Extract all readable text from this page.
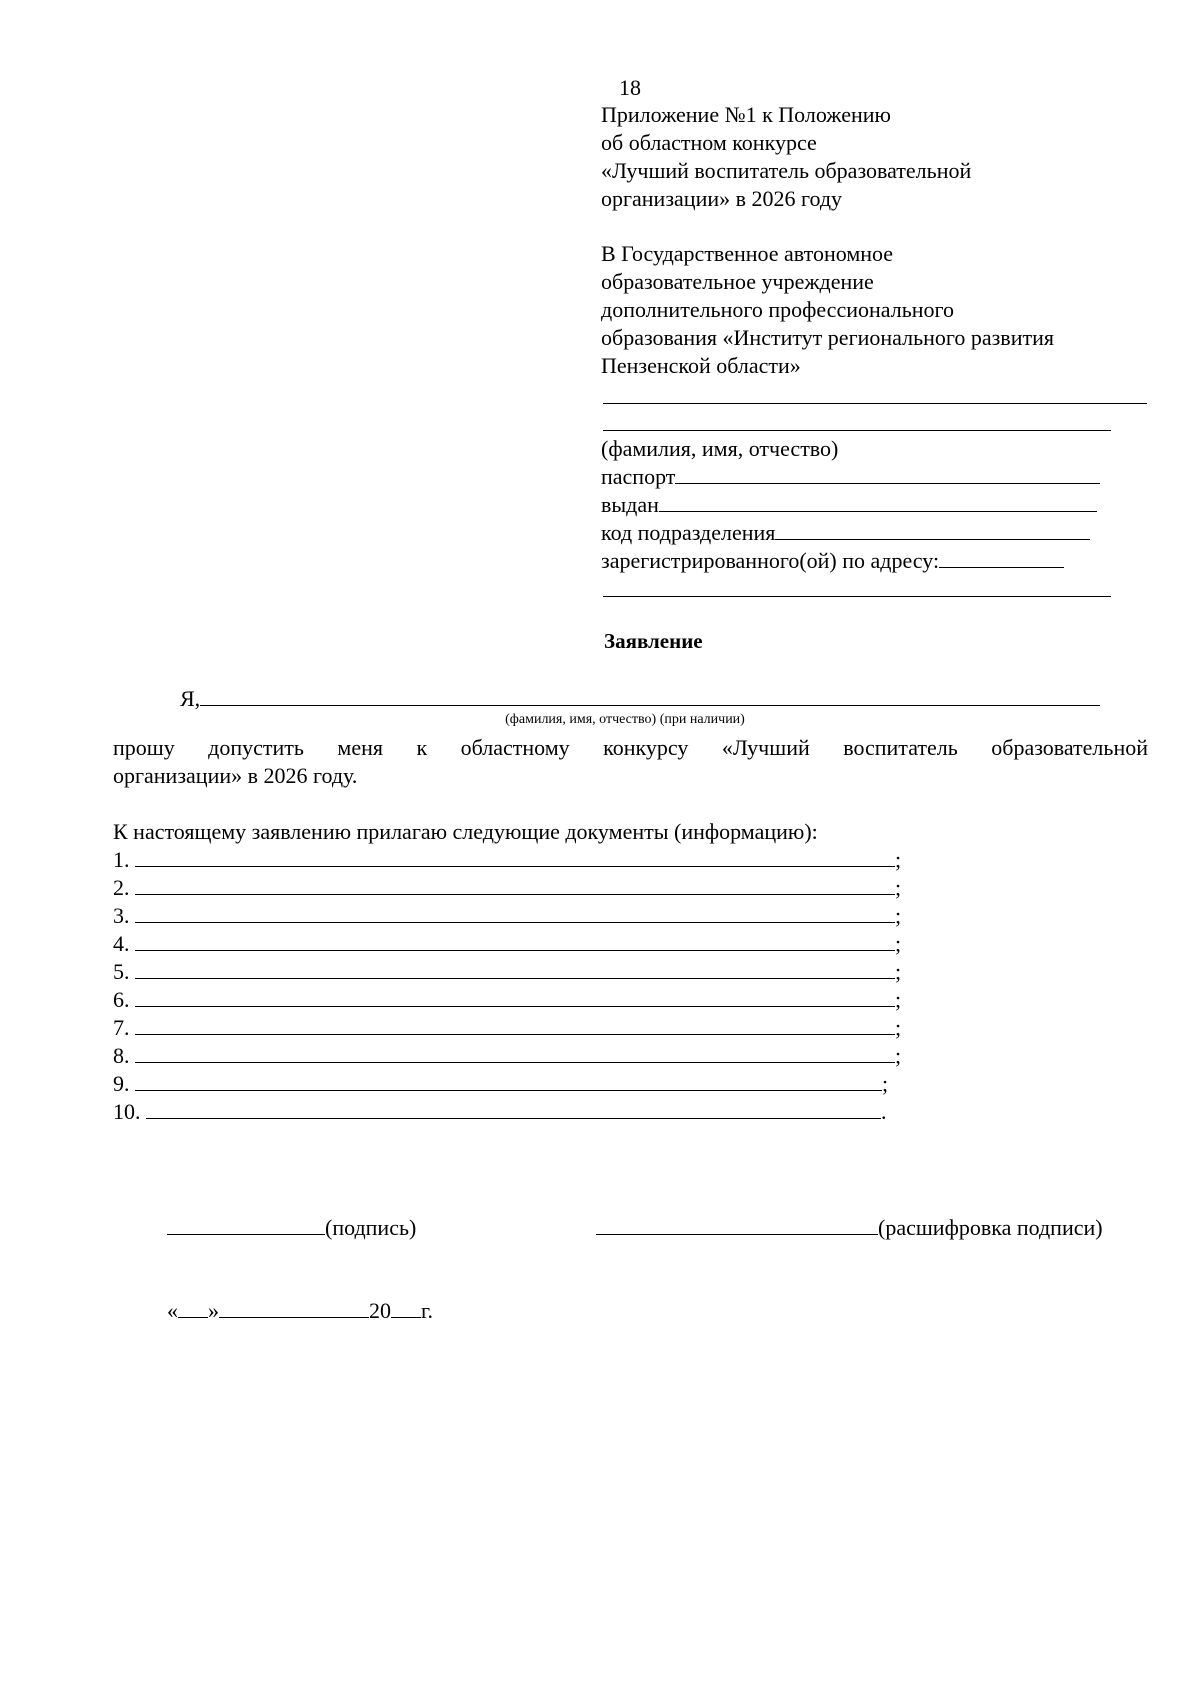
18
Приложение №1 к Положению
об областном конкурсе
«Лучший воспитатель образовательной
организации» в 2026 году
В Государственное автономное
образовательное учреждение
дополнительного профессионального
образования «Институт регионального развития
Пензенской области»
(фамилия, имя, отчество)
паспорт
выдан
код подразделения
зарегистрированного(ой) по адресу:
Заявление
Я,
(фамилия, имя, отчество) (при наличии)
прошу допустить меня к областному конкурсу «Лучший воспитатель образовательной
организации» в 2026 году.
К настоящему заявлению прилагаю следующие документы (информацию):
1.	;
2.	;
3.	;
4.	;
5.	;
6.	;
7.	;
8.	;
9.	;
10.	.
(подпись)	(расшифровка подписи)
« »	20 г.
